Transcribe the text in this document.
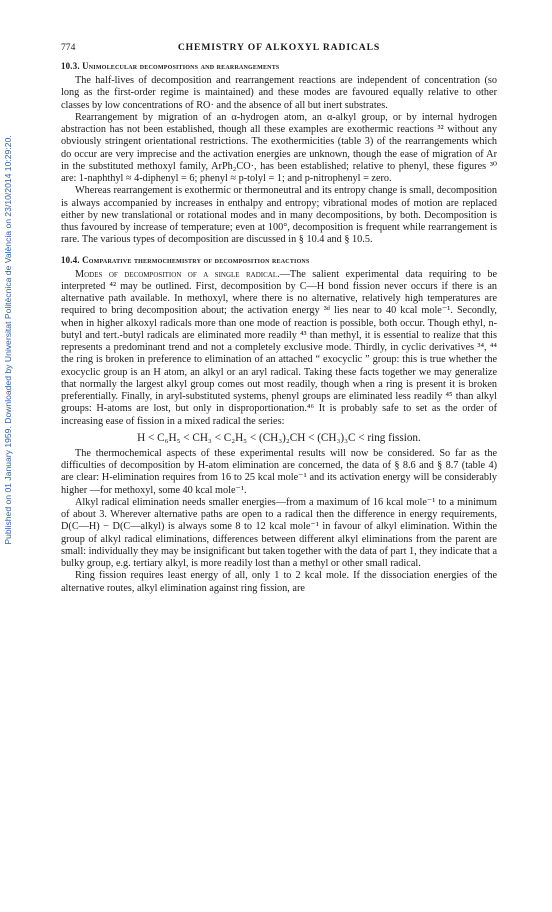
Published on 01 January 1959. Downloaded by Universitat Politècnica de València on 23/10/2014 10:29:20.
774	CHEMISTRY OF ALKOXYL RADICALS
10.3. Unimolecular decompositions and rearrangements

The half-lives of decomposition and rearrangement reactions are independent of concentration (so long as the first-order regime is maintained) and these modes are favoured equally relative to other classes by low concentrations of RO· and the absence of all but inert substrates.

Rearrangement by migration of an α-hydrogen atom, an α-alkyl group, or by internal hydrogen abstraction has not been established, though all these examples are exothermic reactions ³² without any obviously stringent orientational restrictions. The exothermicities (table 3) of the rearrangements which do occur are very imprecise and the activation energies are unknown, though the ease of migration of Ar in the substituted methoxyl family, ArPh₂CO·, has been established; relative to phenyl, these figures ³⁰ are: 1-naphthyl ≈ 4-diphenyl = 6; phenyl ≈ p-tolyl = 1; and p-nitrophenyl = zero.

Whereas rearrangement is exothermic or thermoneutral and its entropy change is small, decomposition is always accompanied by increases in enthalpy and entropy; vibrational modes of motion are replaced either by new translational or rotational modes and in many decompositions, by both. Decomposition is thus favoured by increase of temperature; even at 100°, decomposition is frequent while rearrangement is rare. The various types of decomposition are discussed in § 10.4 and § 10.5.

10.4. Comparative thermochemistry of decomposition reactions

Modes of decomposition of a single radical.—The salient experimental data requiring to be interpreted ⁴² may be outlined. First, decomposition by C—H bond fission never occurs if there is an alternative path available. In methoxyl, where there is no alternative, relatively high temperatures are required to bring decomposition about; the activation energy ³ᵈ lies near to 40 kcal mole⁻¹. Secondly, when in higher alkoxyl radicals more than one mode of reaction is possible, both occur. Though ethyl, n-butyl and tert.-butyl radicals are eliminated more readily ⁴³ than methyl, it is essential to realize that this represents a predominant trend and not a completely exclusive mode. Thirdly, in cyclic derivatives ³⁴, ⁴⁴ the ring is broken in preference to elimination of an attached “ exocyclic ” group: this is true whether the exocyclic group is an H atom, an alkyl or an aryl radical. Taking these facts together we may generalize that normally the largest alkyl group comes out most readily, though when a ring is present it is broken preferentially. Finally, in aryl-substituted systems, phenyl groups are eliminated less readily ⁴⁵ than alkyl groups: H-atoms are lost, but only in disproportionation.⁴⁶ It is probably safe to set as the order of increasing ease of fission in a mixed radical the series:

H < C₆H₅ < CH₃ < C₂H₅ < (CH₃)₂CH < (CH₃)₃C < ring fission.

The thermochemical aspects of these experimental results will now be considered. So far as the difficulties of decomposition by H-atom elimination are concerned, the data of § 8.6 and § 8.7 (table 4) are clear: H-elimination requires from 16 to 25 kcal mole⁻¹ and its activation energy will be considerably higher —for methoxyl, some 40 kcal mole⁻¹.

Alkyl radical elimination needs smaller energies—from a maximum of 16 kcal mole⁻¹ to a minimum of about 3. Wherever alternative paths are open to a radical then the difference in energy requirements, D(C—H) − D(C—alkyl) is always some 8 to 12 kcal mole⁻¹ in favour of alkyl elimination. Within the group of alkyl radical eliminations, differences between different alkyl eliminations from the parent are small: individually they may be insignificant but taken together with the data of part 1, they indicate that a bulky group, e.g. tertiary alkyl, is more readily lost than a methyl or other small radical.

Ring fission requires least energy of all, only 1 to 2 kcal mole. If the dissociation energies of the alternative routes, alkyl elimination against ring fission, are
